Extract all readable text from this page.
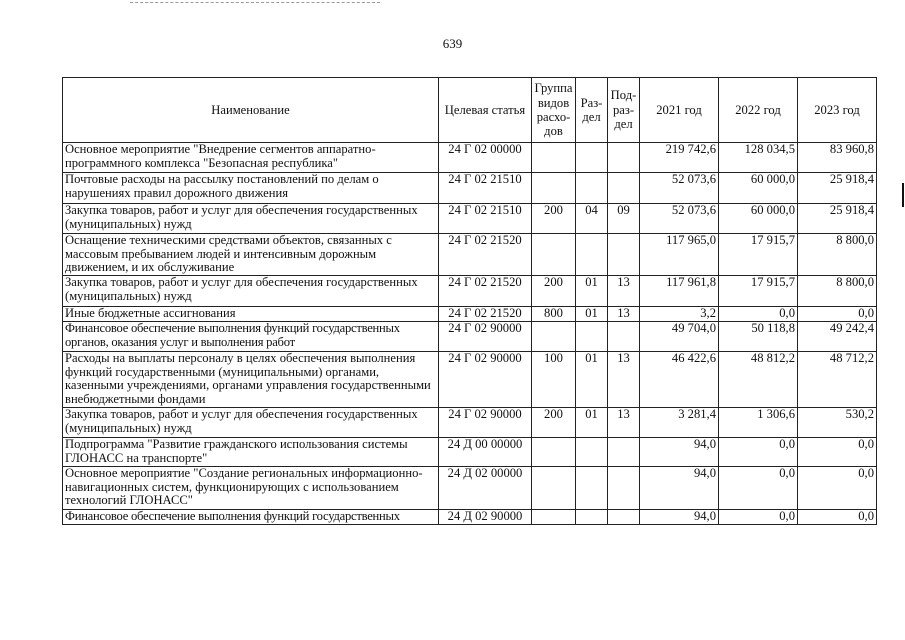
639
Наименование	Целевая статья	Группа видов расхо-дов	Раз-дел	Под-раз-дел	2021 год	2022 год	2023 год
Основное мероприятие "Внедрение сегментов аппаратно-программного комплекса "Безопасная республика"	24 Г 02 00000				219 742,6	128 034,5	83 960,8
Почтовые расходы на рассылку постановлений по делам о нарушениях правил дорожного движения	24 Г 02 21510				52 073,6	60 000,0	25 918,4
Закупка товаров, работ и услуг для обеспечения государственных (муниципальных) нужд	24 Г 02 21510	200	04	09	52 073,6	60 000,0	25 918,4
Оснащение техническими средствами объектов, связанных с массовым пребыванием людей и интенсивным дорожным движением, и их обслуживание	24 Г 02 21520				117 965,0	17 915,7	8 800,0
Закупка товаров, работ и услуг для обеспечения государственных (муниципальных) нужд	24 Г 02 21520	200	01	13	117 961,8	17 915,7	8 800,0
Иные бюджетные ассигнования	24 Г 02 21520	800	01	13	3,2	0,0	0,0
Финансовое обеспечение выполнения функций государственных органов, оказания услуг и выполнения работ	24 Г 02 90000				49 704,0	50 118,8	49 242,4
Расходы на выплаты персоналу в целях обеспечения выполнения функций государственными (муниципальными) органами, казенными учреждениями, органами управления государственными внебюджетными фондами	24 Г 02 90000	100	01	13	46 422,6	48 812,2	48 712,2
Закупка товаров, работ и услуг для обеспечения государственных (муниципальных) нужд	24 Г 02 90000	200	01	13	3 281,4	1 306,6	530,2
Подпрограмма "Развитие гражданского использования системы ГЛОНАСС на транспорте"	24 Д 00 00000				94,0	0,0	0,0
Основное мероприятие "Создание региональных информационно-навигационных систем, функционирующих с использованием технологий ГЛОНАСС"	24 Д 02 00000				94,0	0,0	0,0
Финансовое обеспечение выполнения функций государственных	24 Д 02 90000				94,0	0,0	0,0
